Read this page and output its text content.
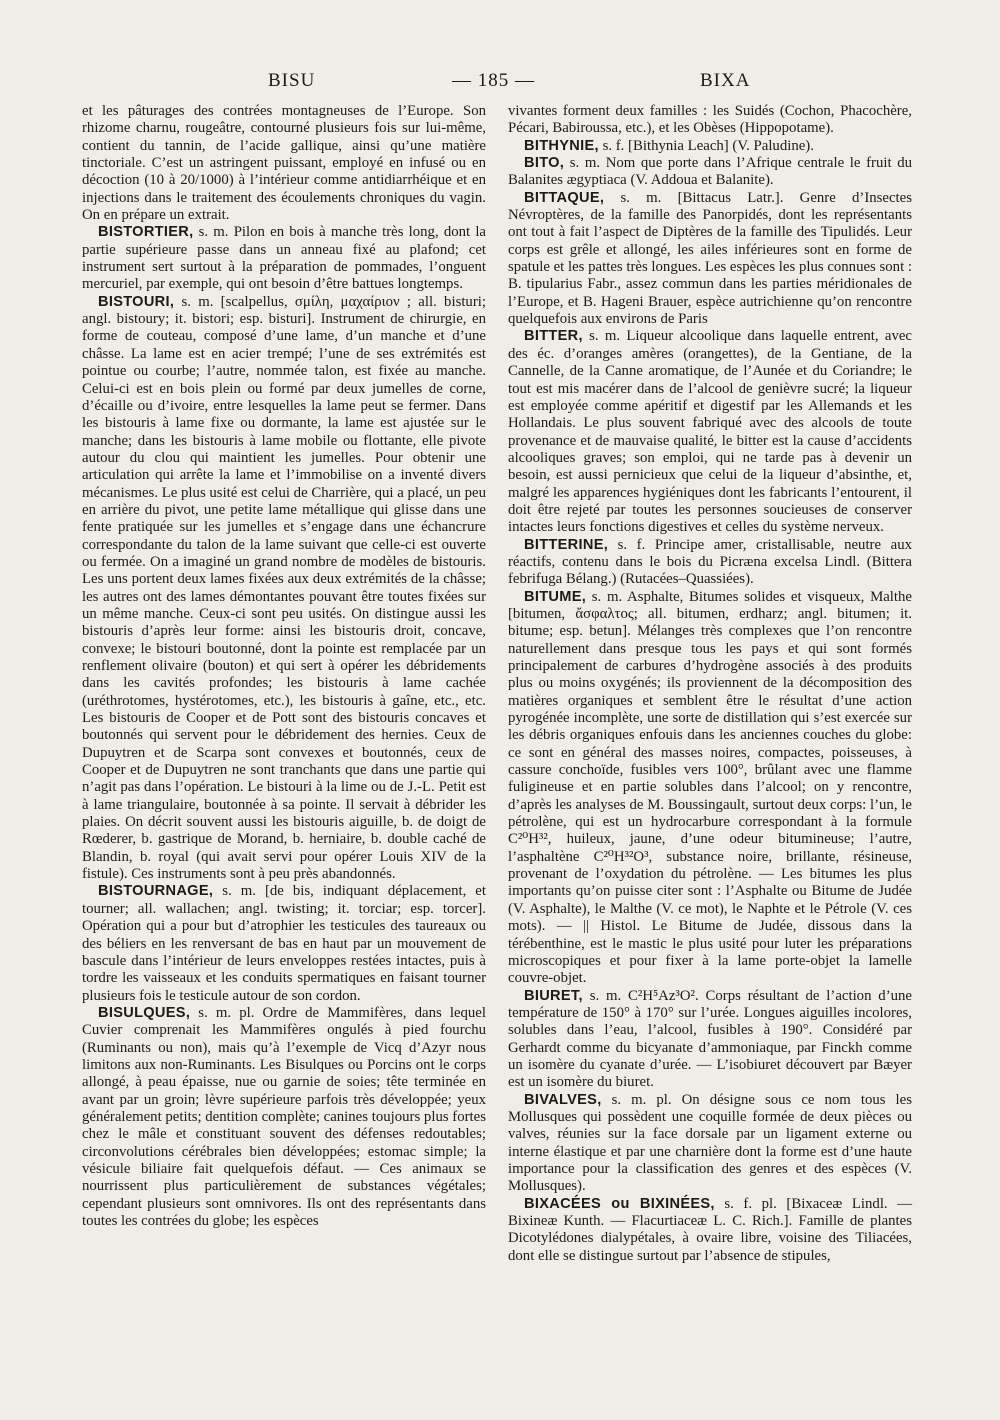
BISU	— 185 —	BIXA

et les pâturages des contrées montagneuses de l’Europe. Son rhizome charnu, rougeâtre, contourné plusieurs fois sur lui-même, contient du tannin, de l’acide gallique, ainsi qu’une matière tinctoriale. C’est un astringent puissant, employé en infusé ou en décoction (10 à 20/1000) à l’intérieur comme antidiarrhéique et en injections dans le traitement des écoulements chroniques du vagin. On en prépare un extrait.

BISTORTIER, s. m. Pilon en bois à manche très long, dont la partie supérieure passe dans un anneau fixé au plafond; cet instrument sert surtout à la préparation de pommades, l’onguent mercuriel, par exemple, qui ont besoin d’être battues longtemps.

BISTOURI, s. m. [scalpellus, σμίλη, μαχαίριον ; all. bisturi; angl. bistoury; it. bistori; esp. bisturi]. Instrument de chirurgie, en forme de couteau, composé d’une lame, d’un manche et d’une châsse. La lame est en acier trempé; l’une de ses extrémités est pointue ou courbe; l’autre, nommée talon, est fixée au manche. Celui-ci est en bois plein ou formé par deux jumelles de corne, d’écaille ou d’ivoire, entre lesquelles la lame peut se fermer. Dans les bistouris à lame fixe ou dormante, la lame est ajustée sur le manche; dans les bistouris à lame mobile ou flottante, elle pivote autour du clou qui maintient les jumelles. Pour obtenir une articulation qui arrête la lame et l’immobilise on a inventé divers mécanismes. Le plus usité est celui de Charrière, qui a placé, un peu en arrière du pivot, une petite lame métallique qui glisse dans une fente pratiquée sur les jumelles et s’engage dans une échancrure correspondante du talon de la lame suivant que celle-ci est ouverte ou fermée. On a imaginé un grand nombre de modèles de bistouris. Les uns portent deux lames fixées aux deux extrémités de la châsse; les autres ont des lames démontantes pouvant être toutes fixées sur un même manche. Ceux-ci sont peu usités. On distingue aussi les bistouris d’après leur forme: ainsi les bistouris droit, concave, convexe; le bistouri boutonné, dont la pointe est remplacée par un renflement olivaire (bouton) et qui sert à opérer les débridements dans les cavités profondes; les bistouris à lame cachée (uréthrotomes, hystérotomes, etc.), les bistouris à gaîne, etc., etc. Les bistouris de Cooper et de Pott sont des bistouris concaves et boutonnés qui servent pour le débridement des hernies. Ceux de Dupuytren et de Scarpa sont convexes et boutonnés, ceux de Cooper et de Dupuytren ne sont tranchants que dans une partie qui n’agit pas dans l’opération. Le bistouri à la lime ou de J.-L. Petit est à lame triangulaire, boutonnée à sa pointe. Il servait à débrider les plaies. On décrit souvent aussi les bistouris aiguille, b. de doigt de Rœderer, b. gastrique de Morand, b. herniaire, b. double caché de Blandin, b. royal (qui avait servi pour opérer Louis XIV de la fistule). Ces instruments sont à peu près abandonnés.

BISTOURNAGE, s. m. [de bis, indiquant déplacement, et tourner; all. wallachen; angl. twisting; it. torciar; esp. torcer]. Opération qui a pour but d’atrophier les testicules des taureaux ou des béliers en les renversant de bas en haut par un mouvement de bascule dans l’intérieur de leurs enveloppes restées intactes, puis à tordre les vaisseaux et les conduits spermatiques en faisant tourner plusieurs fois le testicule autour de son cordon.

BISULQUES, s. m. pl. Ordre de Mammifères, dans lequel Cuvier comprenait les Mammifères ongulés à pied fourchu (Ruminants ou non), mais qu’à l’exemple de Vicq d’Azyr nous limitons aux non-Ruminants. Les Bisulques ou Porcins ont le corps allongé, à peau épaisse, nue ou garnie de soies; tête terminée en avant par un groin; lèvre supérieure parfois très développée; yeux généralement petits; dentition complète; canines toujours plus fortes chez le mâle et constituant souvent des défenses redoutables; circonvolutions cérébrales bien développées; estomac simple; la vésicule biliaire fait quelquefois défaut. — Ces animaux se nourrissent plus particulièrement de substances végétales; cependant plusieurs sont omnivores. Ils ont des représentants dans toutes les contrées du globe; les espèces

vivantes forment deux familles : les Suidés (Cochon, Phacochère, Pécari, Babiroussa, etc.), et les Obèses (Hippopotame).

BITHYNIE, s. f. [Bithynia Leach] (V. Paludine).

BITO, s. m. Nom que porte dans l’Afrique centrale le fruit du Balanites ægyptiaca (V. Addoua et Balanite).

BITTAQUE, s. m. [Bittacus Latr.]. Genre d’Insectes Névroptères, de la famille des Panorpidés, dont les représentants ont tout à fait l’aspect de Diptères de la famille des Tipulidés. Leur corps est grêle et allongé, les ailes inférieures sont en forme de spatule et les pattes très longues. Les espèces les plus connues sont : B. tipularius Fabr., assez commun dans les parties méridionales de l’Europe, et B. Hageni Brauer, espèce autrichienne qu’on rencontre quelquefois aux environs de Paris

BITTER, s. m. Liqueur alcoolique dans laquelle entrent, avec des éc. d’oranges amères (orangettes), de la Gentiane, de la Cannelle, de la Canne aromatique, de l’Aunée et du Coriandre; le tout est mis macérer dans de l’alcool de genièvre sucré; la liqueur est employée comme apéritif et digestif par les Allemands et les Hollandais. Le plus souvent fabriqué avec des alcools de toute provenance et de mauvaise qualité, le bitter est la cause d’accidents alcooliques graves; son emploi, qui ne tarde pas à devenir un besoin, est aussi pernicieux que celui de la liqueur d’absinthe, et, malgré les apparences hygiéniques dont les fabricants l’entourent, il doit être rejeté par toutes les personnes soucieuses de conserver intactes leurs fonctions digestives et celles du système nerveux.

BITTERINE, s. f. Principe amer, cristallisable, neutre aux réactifs, contenu dans le bois du Picræna excelsa Lindl. (Bittera febrifuga Bélang.) (Rutacées–Quassiées).

BITUME, s. m. Asphalte, Bitumes solides et visqueux, Malthe [bitumen, ἄσφαλτος; all. bitumen, erdharz; angl. bitumen; it. bitume; esp. betun]. Mélanges très complexes que l’on rencontre naturellement dans presque tous les pays et qui sont formés principalement de carbures d’hydrogène associés à des produits plus ou moins oxygénés; ils proviennent de la décomposition des matières organiques et semblent être le résultat d’une action pyrogénée incomplète, une sorte de distillation qui s’est exercée sur les débris organiques enfouis dans les anciennes couches du globe: ce sont en général des masses noires, compactes, poisseuses, à cassure conchoïde, fusibles vers 100°, brûlant avec une flamme fuligineuse et en partie solubles dans l’alcool; on y rencontre, d’après les analyses de M. Boussingault, surtout deux corps: l’un, le pétrolène, qui est un hydrocarbure correspondant à la formule C²⁰H³², huileux, jaune, d’une odeur bitumineuse; l’autre, l’asphaltène C²⁰H³²O³, substance noire, brillante, résineuse, provenant de l’oxydation du pétrolène. — Les bitumes les plus importants qu’on puisse citer sont : l’Asphalte ou Bitume de Judée (V. Asphalte), le Malthe (V. ce mot), le Naphte et le Pétrole (V. ces mots). — || Histol. Le Bitume de Judée, dissous dans la térébenthine, est le mastic le plus usité pour luter les préparations microscopiques et pour fixer à la lame porte-objet la lamelle couvre-objet.

BIURET, s. m. C²H⁵Az³O². Corps résultant de l’action d’une température de 150° à 170° sur l’urée. Longues aiguilles incolores, solubles dans l’eau, l’alcool, fusibles à 190°. Considéré par Gerhardt comme du bicyanate d’ammoniaque, par Finckh comme un isomère du cyanate d’urée. — L’isobiuret découvert par Bæyer est un isomère du biuret.

BIVALVES, s. m. pl. On désigne sous ce nom tous les Mollusques qui possèdent une coquille formée de deux pièces ou valves, réunies sur la face dorsale par un ligament externe ou interne élastique et par une charnière dont la forme est d’une haute importance pour la classification des genres et des espèces (V. Mollusques).

BIXACÉES ou BIXINÉES, s. f. pl. [Bixaceæ Lindl. — Bixineæ Kunth. — Flacurtiaceæ L. C. Rich.]. Famille de plantes Dicotylédones dialypétales, à ovaire libre, voisine des Tiliacées, dont elle se distingue surtout par l’absence de stipules,
